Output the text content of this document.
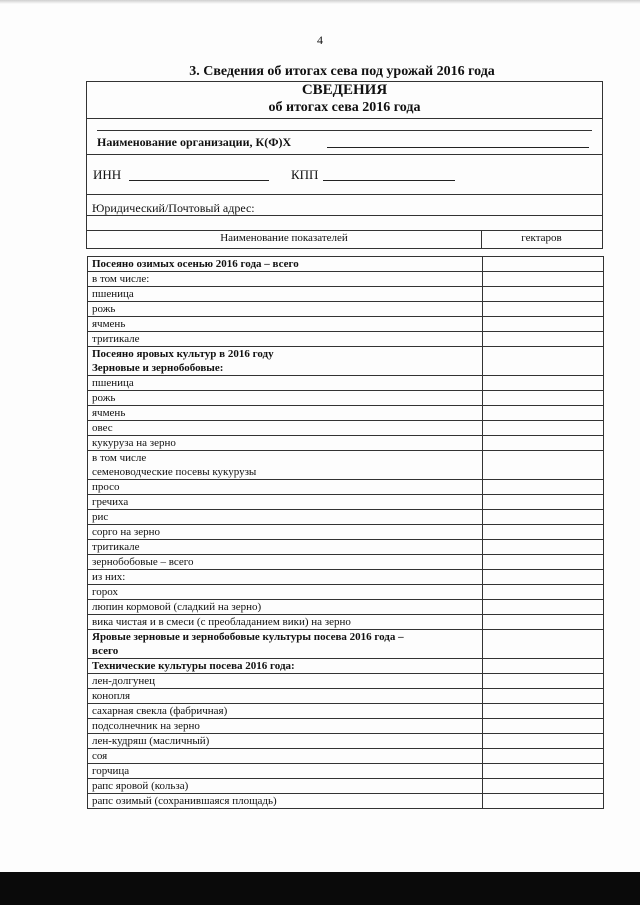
4
3. Сведения об итогах сева под урожай 2016 года
СВЕДЕНИЯ
об итогах сева 2016 года
Наименование организации, К(Ф)Х
ИНН	КПП
Юридический/Почтовый адрес:
Наименование показателей	гектаров
Посеяно озимых осенью 2016 года – всего	
в том числе:	
пшеница	
рожь	
ячмень	
тритикале	
Посеяно яровых культур в 2016 году
Зерновые и зернобобовые:	
пшеница	
рожь	
ячмень	
овес	
кукуруза на зерно	
в том числе
семеноводческие посевы кукурузы	
просо	
гречиха	
рис	
сорго на зерно	
тритикале	
зернобобовые – всего	
из них:	
горох	
люпин кормовой (сладкий на зерно)	
вика чистая и в смеси (с преобладанием вики) на зерно	
Яровые зерновые и зернобобовые культуры посева 2016 года –
всего	
Технические культуры посева 2016 года:	
лен-долгунец	
конопля	
сахарная свекла (фабричная)	
подсолнечник на зерно	
лен-кудряш (масличный)	
соя	
горчица	
рапс яровой (кольза)	
рапс озимый (сохранившаяся площадь)	
